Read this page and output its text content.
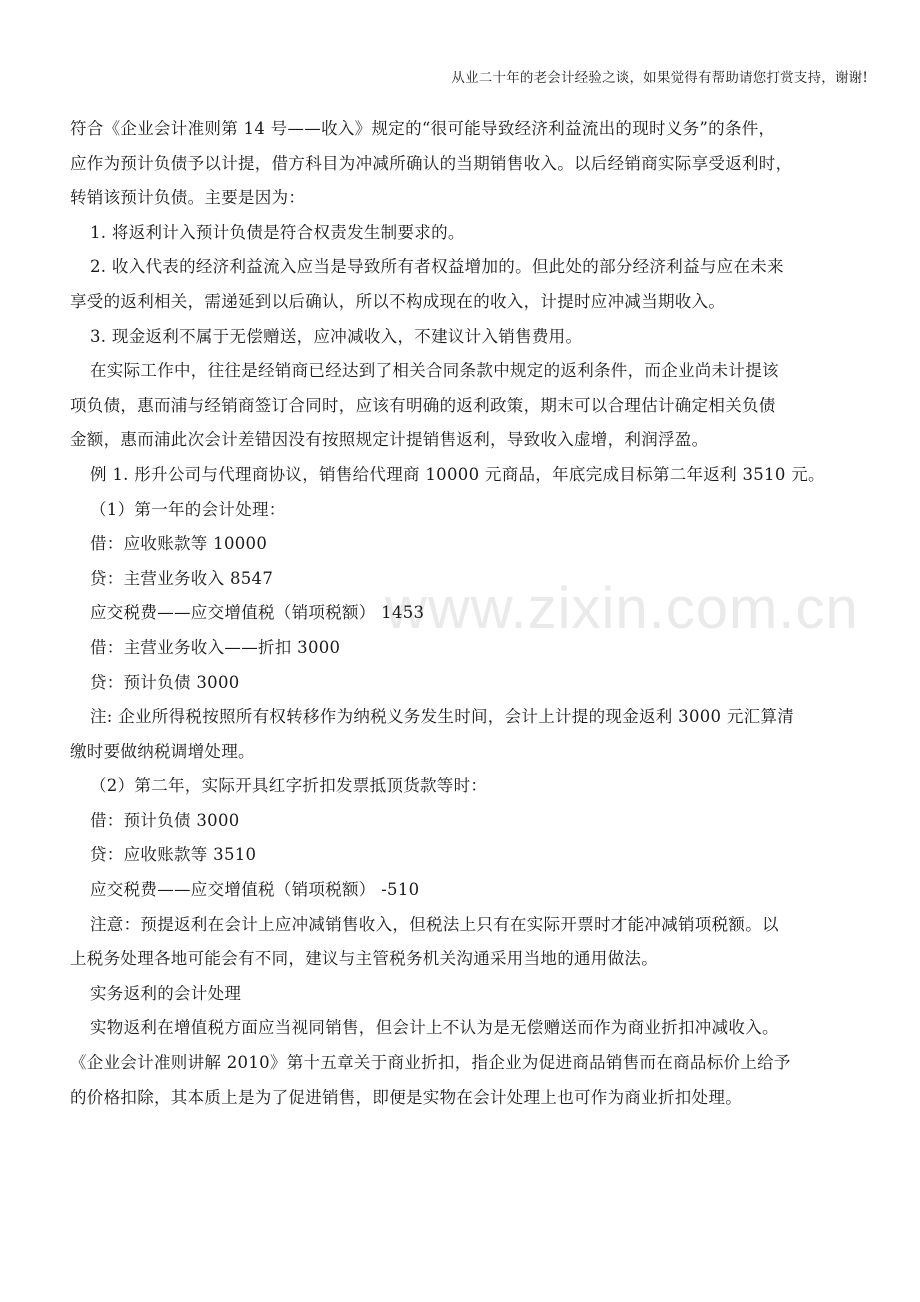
从业二十年的老会计经验之谈，如果觉得有帮助请您打赏支持，谢谢!
www.zixin.com.cn
符合《企业会计准则第 14 号——收入》规定的“很可能导致经济利益流出的现时义务”的条件，
应作为预计负债予以计提，借方科目为冲减所确认的当期销售收入。以后经销商实际享受返利时，
转销该预计负债。主要是因为：
1. 将返利计入预计负债是符合权责发生制要求的。
2. 收入代表的经济利益流入应当是导致所有者权益增加的。但此处的部分经济利益与应在未来
享受的返利相关，需递延到以后确认，所以不构成现在的收入，计提时应冲减当期收入。
3. 现金返利不属于无偿赠送，应冲减收入，不建议计入销售费用。
在实际工作中，往往是经销商已经达到了相关合同条款中规定的返利条件，而企业尚未计提该
项负债，惠而浦与经销商签订合同时，应该有明确的返利政策，期末可以合理估计确定相关负债
金额，惠而浦此次会计差错因没有按照规定计提销售返利，导致收入虚增，利润浮盈。
例 1. 彤升公司与代理商协议，销售给代理商 10000 元商品，年底完成目标第二年返利 3510 元。
（1）第一年的会计处理：
借：应收账款等 10000
贷：主营业务收入 8547
应交税费——应交增值税（销项税额） 1453
借：主营业务收入——折扣 3000
贷：预计负债 3000
注: 企业所得税按照所有权转移作为纳税义务发生时间，会计上计提的现金返利 3000 元汇算清
缴时要做纳税调增处理。
（2）第二年，实际开具红字折扣发票抵顶货款等时：
借：预计负债 3000
贷：应收账款等 3510
应交税费——应交增值税（销项税额） -510
注意：预提返利在会计上应冲减销售收入，但税法上只有在实际开票时才能冲减销项税额。以
上税务处理各地可能会有不同，建议与主管税务机关沟通采用当地的通用做法。
实务返利的会计处理
实物返利在增值税方面应当视同销售，但会计上不认为是无偿赠送而作为商业折扣冲减收入。
《企业会计准则讲解 2010》第十五章关于商业折扣，指企业为促进商品销售而在商品标价上给予
的价格扣除，其本质上是为了促进销售，即便是实物在会计处理上也可作为商业折扣处理。
